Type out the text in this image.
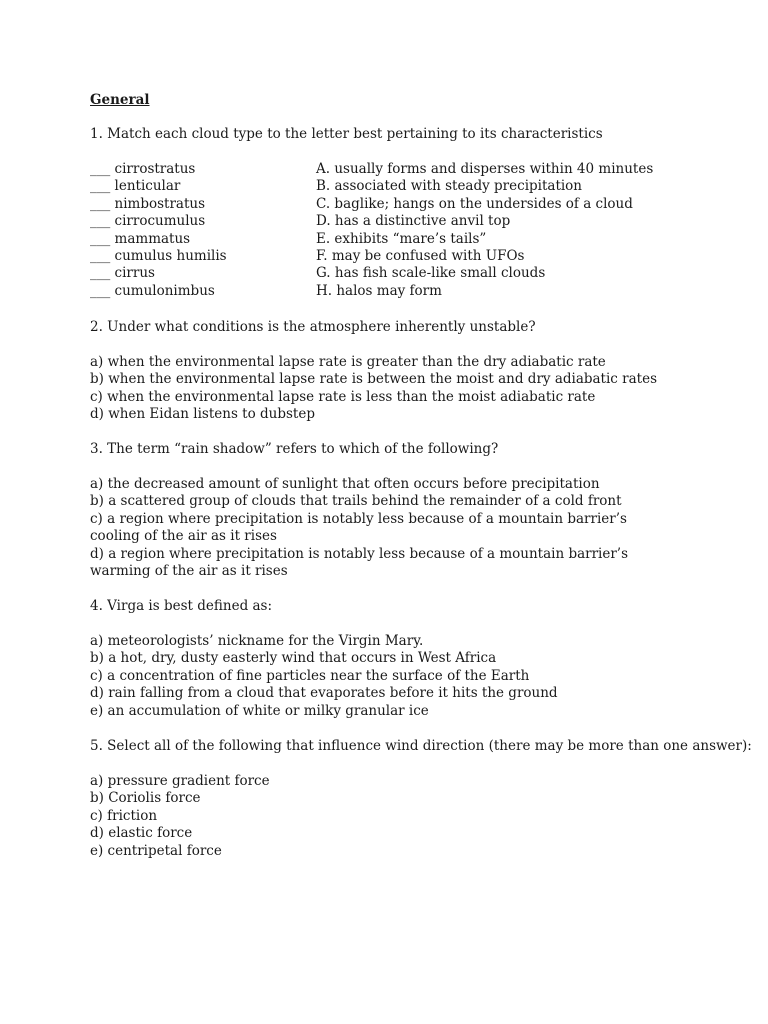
General
1. Match each cloud type to the letter best pertaining to its characteristics
___ cirrostratus	A. usually forms and disperses within 40 minutes
___ lenticular	B. associated with steady precipitation
___ nimbostratus	C. baglike; hangs on the undersides of a cloud
___ cirrocumulus	D. has a distinctive anvil top
___ mammatus	E. exhibits “mare’s tails”
___ cumulus humilis	F. may be confused with UFOs
___ cirrus	G. has fish scale-like small clouds
___ cumulonimbus	H. halos may form
2. Under what conditions is the atmosphere inherently unstable?
a) when the environmental lapse rate is greater than the dry adiabatic rate
b) when the environmental lapse rate is between the moist and dry adiabatic rates
c) when the environmental lapse rate is less than the moist adiabatic rate
d) when Eidan listens to dubstep
3. The term “rain shadow” refers to which of the following?
a) the decreased amount of sunlight that often occurs before precipitation
b) a scattered group of clouds that trails behind the remainder of a cold front
c) a region where precipitation is notably less because of a mountain barrier’s cooling of the air as it rises
d) a region where precipitation is notably less because of a mountain barrier’s warming of the air as it rises
4. Virga is best defined as:
a) meteorologists’ nickname for the Virgin Mary.
b) a hot, dry, dusty easterly wind that occurs in West Africa
c) a concentration of fine particles near the surface of the Earth
d) rain falling from a cloud that evaporates before it hits the ground
e) an accumulation of white or milky granular ice
5. Select all of the following that influence wind direction (there may be more than one answer):
a) pressure gradient force
b) Coriolis force
c) friction
d) elastic force
e) centripetal force
